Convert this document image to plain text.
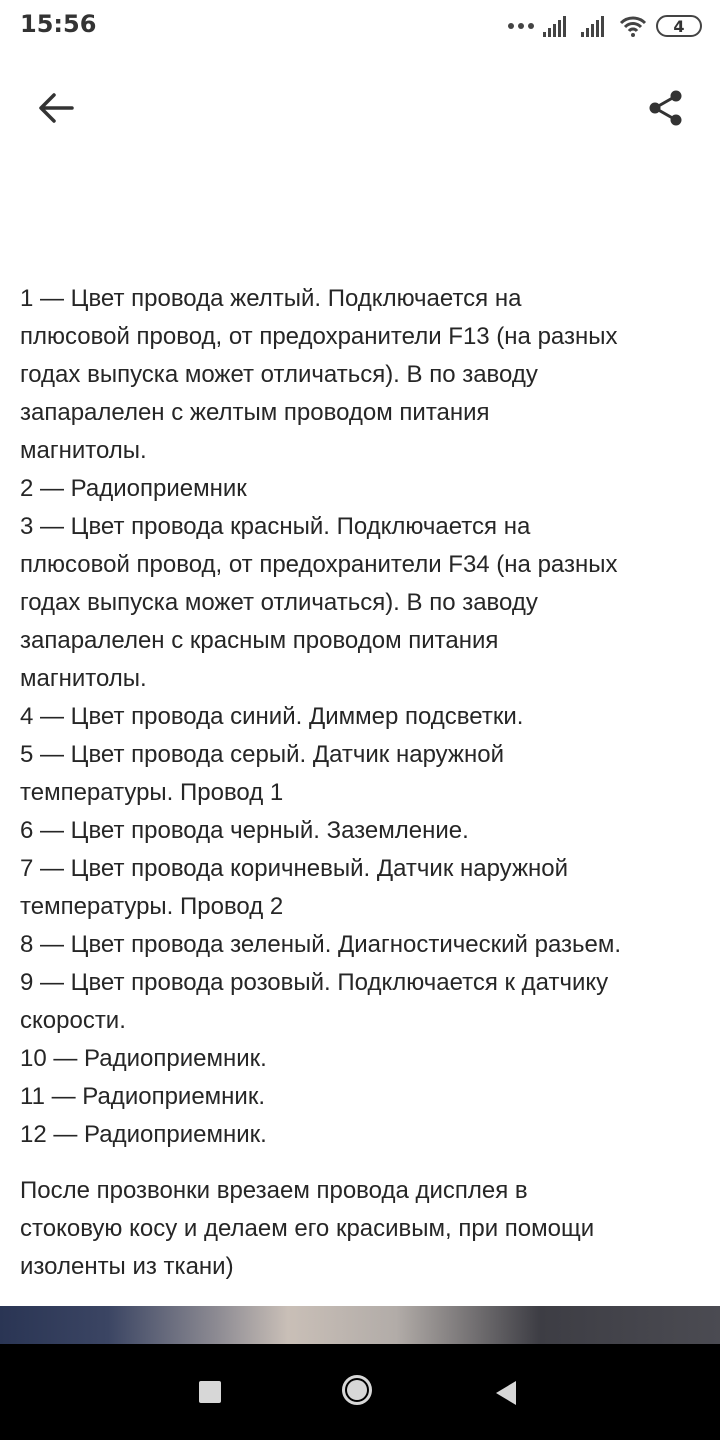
15:56	4
1 — Цвет провода желтый. Подключается на
плюсовой провод, от предохранители F13 (на разных
годах выпуска может отличаться). В по заводу
запаралелен с желтым проводом питания
магнитолы.
2 — Радиоприемник
3 — Цвет провода красный. Подключается на
плюсовой провод, от предохранители F34 (на разных
годах выпуска может отличаться). В по заводу
запаралелен с красным проводом питания
магнитолы.
4 — Цвет провода синий. Диммер подсветки.
5 — Цвет провода серый. Датчик наружной
температуры. Провод 1
6 — Цвет провода черный. Заземление.
7 — Цвет провода коричневый. Датчик наружной
температуры. Провод 2
8 — Цвет провода зеленый. Диагностический разьем.
9 — Цвет провода розовый. Подключается к датчику
скорости.
10 — Радиоприемник.
11 — Радиоприемник.
12 — Радиоприемник.
После прозвонки врезаем провода дисплея в
стоковую косу и делаем его красивым, при помощи
изоленты из ткани)
